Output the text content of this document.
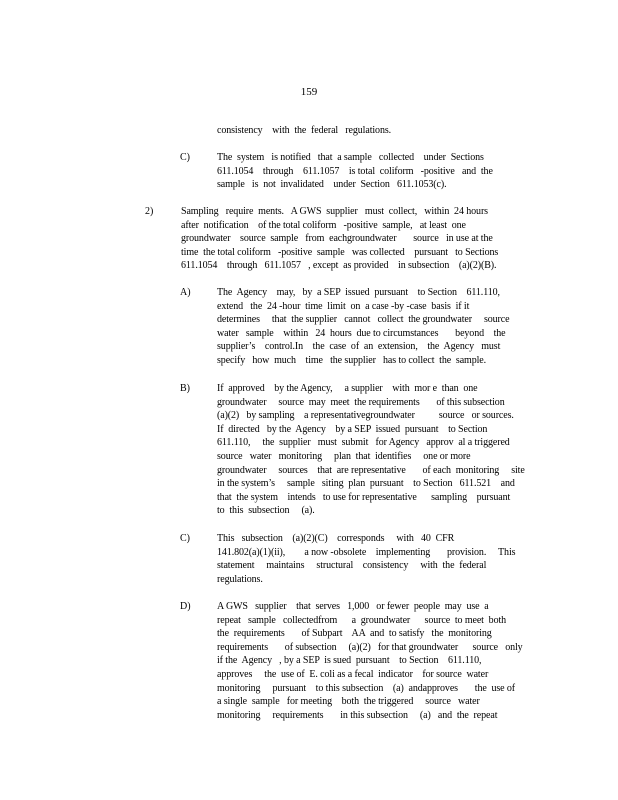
159
consistency    with  the  federal   regulations.
C)	The  system   is notified   that  a sample   collected    under  Sections
611.1054    through    611.1057    is total  coliform   -positive   and  the
sample   is  not  invalidated    under  Section   611.1053(c).
2)	Sampling   require  ments.   A GWS  supplier   must  collect,   within  24 hours
after  notification    of the total coliform   -positive  sample,   at least  one
groundwater    source  sample   from  eachgroundwater       source   in use at the
time  the total coliform   -positive  sample   was collected    pursuant   to Sections
611.1054    through   611.1057   , except  as provided    in subsection    (a)(2)(B).
A)	The  Agency    may,   by  a SEP  issued  pursuant    to Section    611.110,
extend   the  24 -hour  time  limit  on  a case -by -case  basis  if it
determines     that  the supplier   cannot   collect  the groundwater     source
water   sample    within   24  hours  due to circumstances       beyond    the
supplier’s    control.In    the  case  of  an  extension,    the  Agency   must
specify   how  much    time   the supplier   has to collect  the  sample.
B)	If  approved    by the Agency,     a supplier    with  mor e  than  one
groundwater     source  may  meet  the requirements       of this subsection
(a)(2)   by sampling    a representativegroundwater          source   or sources.
If  directed   by the  Agency    by a SEP  issued  pursuant    to Section
611.110,     the  supplier   must  submit   for Agency   approv  al a triggered
source   water   monitoring     plan  that  identifies     one or more
groundwater     sources    that  are representative       of each  monitoring     site
in the system’s     sample   siting  plan  pursuant    to Section   611.521    and
that  the system    intends   to use for representative      sampling    pursuant
to  this  subsection     (a).
C)	This   subsection    (a)(2)(C)    corresponds     with   40  CFR
141.802(a)(1)(ii),        a now -obsolete    implementing       provision.     This
statement     maintains     structural    consistency     with  the  federal
regulations.
D)	A GWS   supplier    that  serves   1,000   or fewer  people  may  use  a
repeat   sample   collectedfrom      a  groundwater      source  to meet  both
the  requirements       of Subpart    AA  and  to satisfy   the  monitoring
requirements       of subsection     (a)(2)   for that groundwater      source   only
if the  Agency   , by a SEP  is sued  pursuant    to Section    611.110,
approves     the  use of  E. coli as a fecal  indicator    for source  water
monitoring     pursuant    to this subsection    (a)  andapproves       the  use of
a single  sample   for meeting    both  the triggered     source   water
monitoring     requirements       in this subsection     (a)   and  the  repeat
